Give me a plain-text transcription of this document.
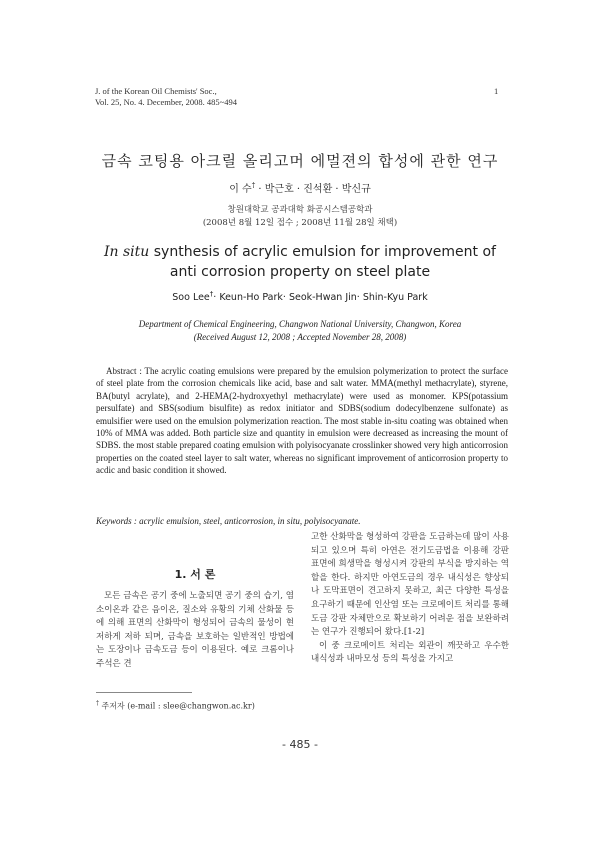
J. of the Korean Oil Chemists' Soc.,
Vol. 25, No. 4. December, 2008. 485~494
1
금속 코팅용 아크릴 올리고머 에멀젼의 합성에 관한 연구
이 수† · 박근호 · 진석환 · 박신규
창원대학교 공과대학 화공시스템공학과
(2008년 8월 12일 접수 ; 2008년 11월 28일 채택)
In situ synthesis of acrylic emulsion for improvement of
anti corrosion property on steel plate
Soo Lee†· Keun-Ho Park· Seok-Hwan Jin· Shin-Kyu Park
Department of Chemical Engineering, Changwon National University, Changwon, Korea
(Received August 12, 2008 ; Accepted November 28, 2008)

Abstract : The acrylic coating emulsions were prepared by the emulsion polymerization to protect the surface of steel plate from the corrosion chemicals like acid, base and salt water. MMA(methyl methacrylate), styrene, BA(butyl acrylate), and 2-HEMA(2-hydroxyethyl methacrylate) were used as monomer. KPS(potassium persulfate) and SBS(sodium bisulfite) as redox initiator and SDBS(sodium dodecylbenzene sulfonate) as emulsifier were used on the emulsion polymerization reaction. The most stable in-situ coating was obtained when 10% of MMA was added. Both particle size and quantity in emulsion were decreased as increasing the mount of SDBS. the most stable prepared coating emulsion with polyisocyanate crosslinker showed very high anticorrosion properties on the coated steel layer to salt water, whereas no significant improvement of anticorrosion property to acdic and basic condition it showed.

Keywords : acrylic emulsion, steel, anticorrosion, in situ, polyisocyanate.
1. 서 론

모든 금속은 공기 중에 노출되면 공기 중의 습기, 염소이온과 같은 음이온, 질소와 유황의 기체 산화물 등에 의해 표면의 산화막이 형성되어 금속의 물성이 현저하게 저하 되며, 금속을 보호하는 일반적인 방법에는 도장이나 금속도금 등이 이용된다. 예로 크롬이나 주석은 견

고한 산화막을 형성하여 강판을 도금하는데 많이 사용되고 있으며 특히 아연은 전기도금법을 이용해 강판 표면에 희생막을 형성시켜 강판의 부식을 방지하는 역할을 한다. 하지만 아연도금의 경우 내식성은 향상되나 도막표면이 견고하지 못하고, 최근 다양한 특성을 요구하기 때문에 인산염 또는 크로메이트 처리를 통해 도금 강판 자체만으로 확보하기 어려운 점을 보완하려는 연구가 진행되어 왔다.[1-2]

이 중 크로메이트 처리는 외관이 깨끗하고 우수한 내식성과 내마모성 등의 특성을 가지고

† 주저자 (e-mail : slee@changwon.ac.kr)
- 485 -
